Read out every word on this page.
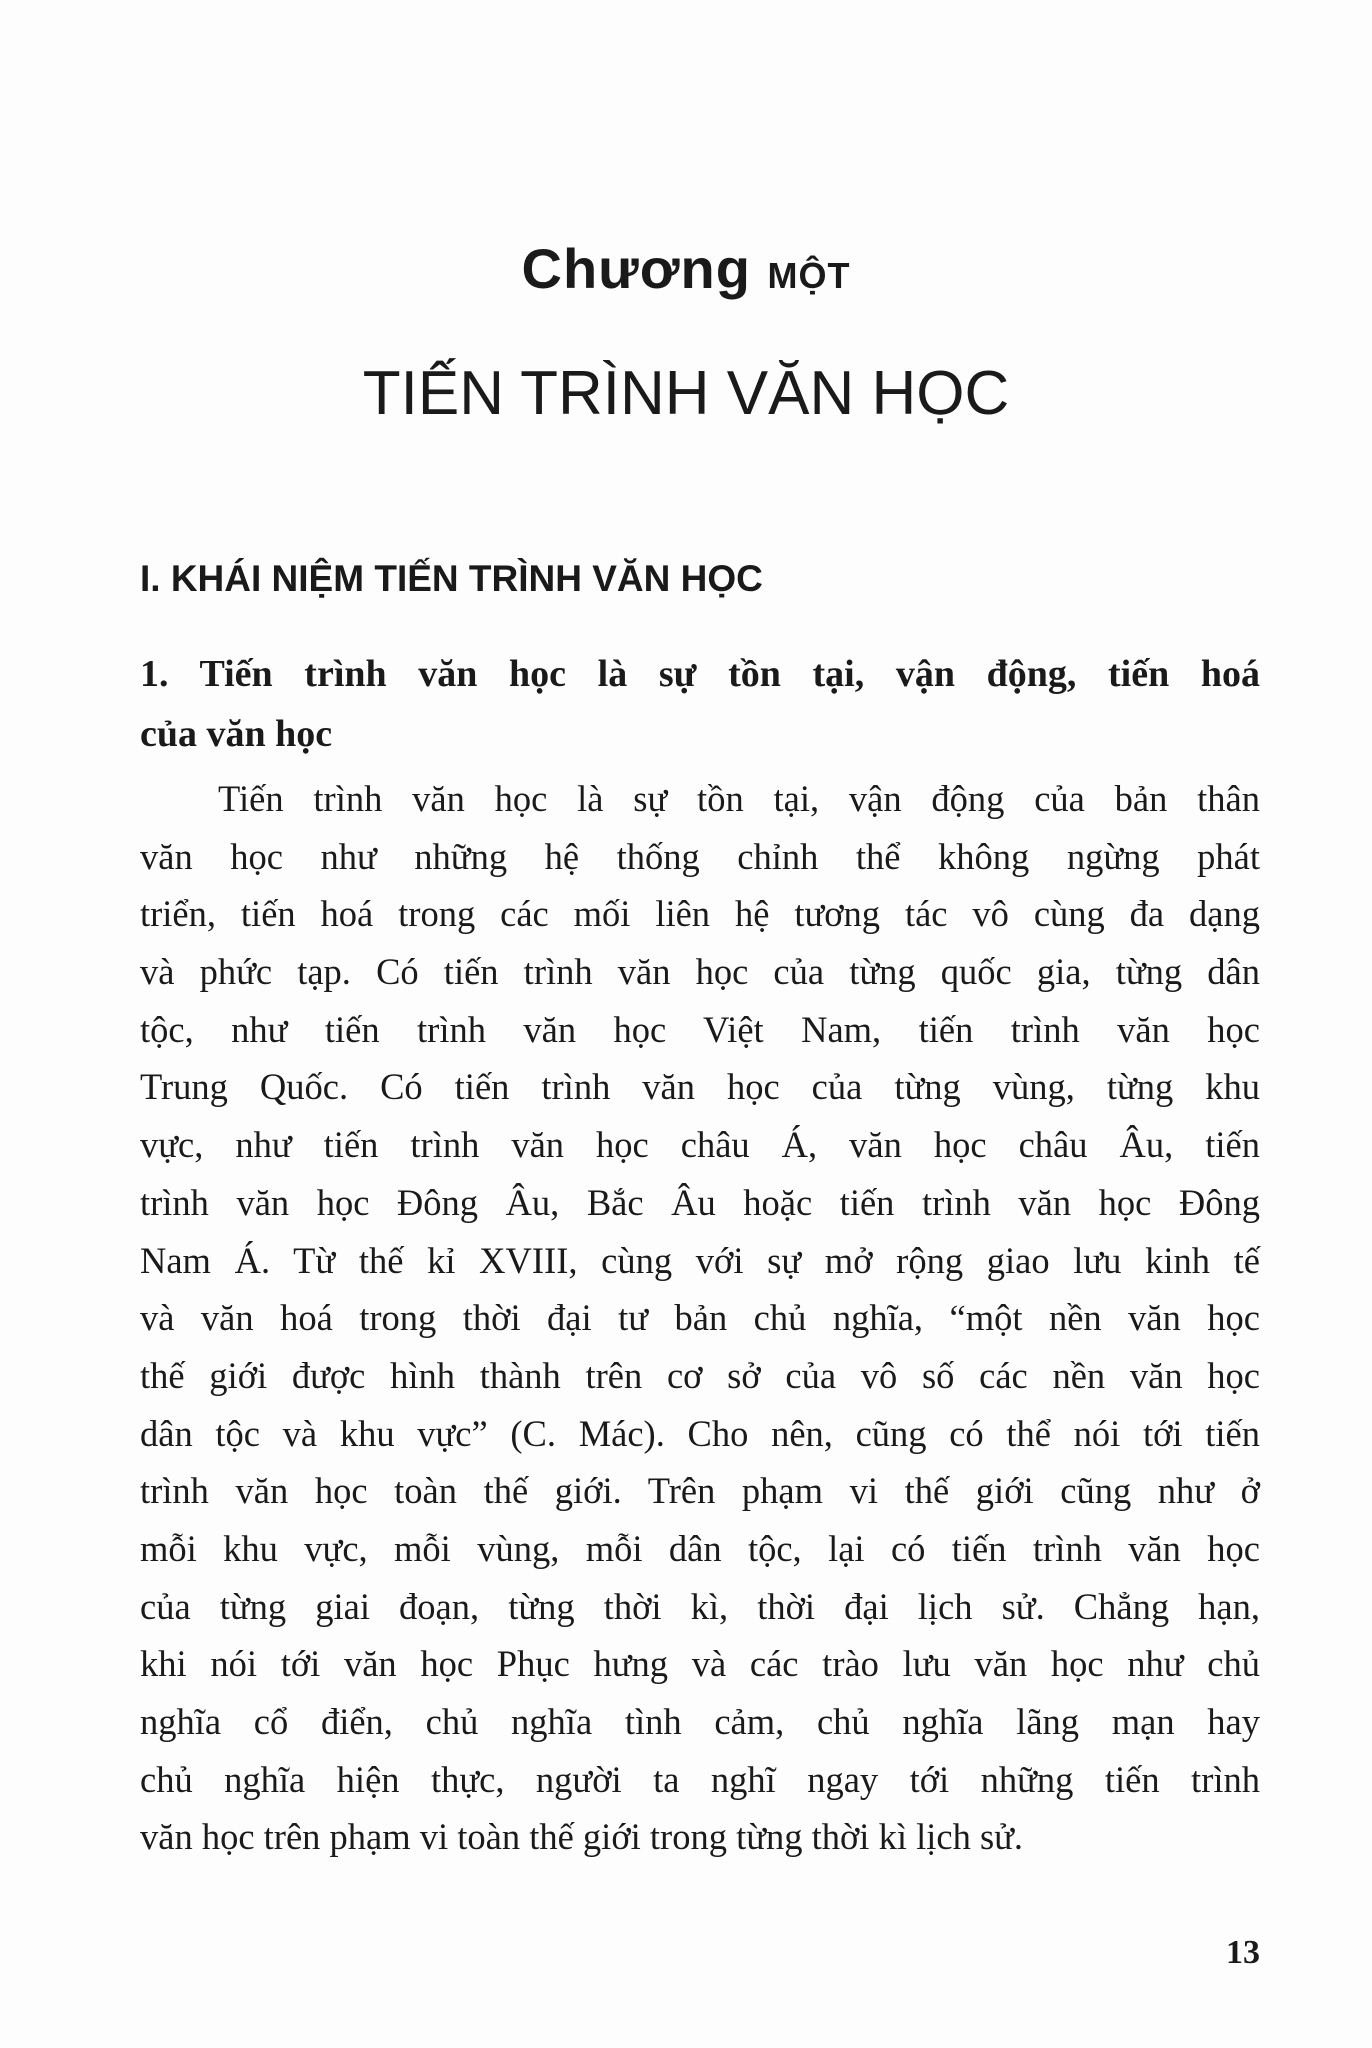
Chương MỘT
TIẾN TRÌNH VĂN HỌC
I. KHÁI NIỆM TIẾN TRÌNH VĂN HỌC
1. Tiến trình văn học là sự tồn tại, vận động, tiến hoá
của văn học
Tiến trình văn học là sự tồn tại, vận động của bản thân
văn học như những hệ thống chỉnh thể không ngừng phát
triển, tiến hoá trong các mối liên hệ tương tác vô cùng đa dạng
và phức tạp. Có tiến trình văn học của từng quốc gia, từng dân
tộc, như tiến trình văn học Việt Nam, tiến trình văn học
Trung Quốc. Có tiến trình văn học của từng vùng, từng khu
vực, như tiến trình văn học châu Á, văn học châu Âu, tiến
trình văn học Đông Âu, Bắc Âu hoặc tiến trình văn học Đông
Nam Á. Từ thế kỉ XVIII, cùng với sự mở rộng giao lưu kinh tế
và văn hoá trong thời đại tư bản chủ nghĩa, “một nền văn học
thế giới được hình thành trên cơ sở của vô số các nền văn học
dân tộc và khu vực” (C. Mác). Cho nên, cũng có thể nói tới tiến
trình văn học toàn thế giới. Trên phạm vi thế giới cũng như ở
mỗi khu vực, mỗi vùng, mỗi dân tộc, lại có tiến trình văn học
của từng giai đoạn, từng thời kì, thời đại lịch sử. Chẳng hạn,
khi nói tới văn học Phục hưng và các trào lưu văn học như chủ
nghĩa cổ điển, chủ nghĩa tình cảm, chủ nghĩa lãng mạn hay
chủ nghĩa hiện thực, người ta nghĩ ngay tới những tiến trình
văn học trên phạm vi toàn thế giới trong từng thời kì lịch sử.
13
